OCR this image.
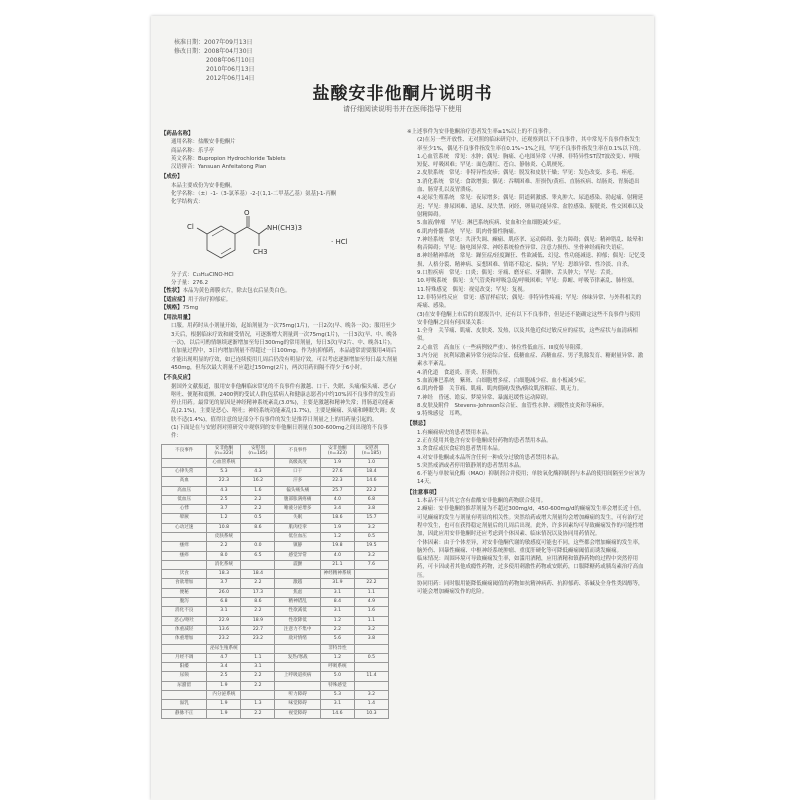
核准日期：2007年09月13日
修改日期：2008年04月30日
2008年06月10日
2010年06月13日
2012年06月14日
盐酸安非他酮片说明书
请仔细阅读说明书并在医师指导下使用
【药品名称】
通用名称：盐酸安非他酮片
商品名称：乐孚亭
英文名称：Bupropion Hydrochloride Tablets
汉语拼音：Yansuan Anfeitatong Pian
【成份】
本品主要成份为安非他酮。
化学名称：（±）-1-（3-氯苯基）-2-[（1,1-二甲基乙基）氨基]-1-丙酮
化学结构式：
Cl
O
NH(CH3)3
CH3
· HCl
分子式：C₁₃H₁₈ClNO·HCl
分子量：276.2
【性状】本品为黄色薄膜衣片，除去包衣后显类白色。
【适应症】用于治疗抑郁症。
【规格】75mg
【用法用量】
口服。用药时从小剂量开始，起始剂量为一次75mg(1片)，一日2次(早、晚各一次)；服用至少3天后，根据临床疗效和耐受情况，可逐渐增大剂量到一次75mg(1片)，一日3次(早、中、晚各一次)，以后可酌情继续逐渐增加至每日300mg的常用剂量，每日3次(早2片、中、晚各1片)。在加量过程中，3日内增加剂量不得超过一日100mg。作为抗抑郁药，本品通常需要服用4周后才能出现明显的疗效，如已连续使用几周后仍没有明显疗效，可以考虑逐渐增加至每日最大剂量450mg，但每次最大剂量不应超过150mg(2片)，两次用药间隔不得少于6小时。
【不良反应】
据国外文献报道，服用安非他酮临床常见的不良事件有激越、口干、失眠、头痛/偏头痛、恶心/呕吐、便秘和震颤。2400例的受试人群(包括病人和健康志愿者)中约10%因不良事件的发生而停止用药。最常见的原因是神经精神系统紊乱(3.0%)，主要是激越和精神失常；胃肠道功能紊乱(2.1%)，主要是恶心、呕吐；神经系统功能紊乱(1.7%)，主要是癫痫、头痛和睡眠失调；皮肤不适(1.4%)，值得注意的是部分不良事件的发生是推荐日剂量之上的用药量引起的。
(1)下面是在与安慰剂对照研究中观察到的安非他酮日剂量在300-600mg之间出现的不良事件：
不良事件	安非他酮(n=323)	安慰剂(n=185)	不良事件	安非他酮(n=323)	安慰剂(n=185)
	心血管系统		高级高度	1.9	1.0
心律失常	5.3	4.3	口干	27.6	18.4
高血	22.3	16.2	汗多	22.3	14.6
高血压	4.3	1.6	偏头痛头痛	25.7	22.2
低血压	2.5	2.2	腹部胀满疼痛	4.0	6.8
心悸	3.7	2.2	唾液分泌增多	3.4	3.8
晕厥	1.2	0.5	失眠	18.6	15.7
心动过速	10.8	8.6	肌肉痉挛	1.9	3.2
	皮肤系统		低位血压	1.2	0.5
瘙痒	2.2	0.0	镇静	19.8	19.5
瘙疹	8.0	6.5	感觉异常	4.0	3.2
	消化系统		震颤	21.1	7.6
厌食	18.3	18.4		神经精神系统	
食欲增加	3.7	2.2	激越	31.9	22.2
便秘	26.0	17.3	焦虑	3.1	1.1
腹泻	6.8	8.6	精神错乱	8.4	4.9
消化不良	3.1	2.2	性欲减低	3.1	1.6
恶心/呕吐	22.9	18.9	性欲降低	1.2	1.1
体重减轻	13.6	22.7	注意力不集中	2.2	3.2
体重增加	23.2	23.2	敌对情绪	5.6	3.8
	泌尿生殖系统			非特异性	
月经不调	4.7	1.1	发热/寒战	1.2	0.5
阳痿	3.4	3.1		呼吸系统	
尿频	2.5	2.2	上呼吸道疾病	5.0	11.4
尿潴留	1.9	2.2		特殊感觉	
	内分泌系统		听力障碍	5.3	3.2
溢乳	1.9	1.3	味觉障碍	3.1	1.4
静脉不正	1.9	2.2	视觉障碍	14.6	10.3
※上述事件为安非他酮治疗患者发生率≥1%以上的不良事件。
(2)在另一些开放性、无对照的临床研究中，还观察到以下不良事件，其中常见不良事件指发生率至少1%，偶见不良事件指发生率在0.1%~1%之间，罕见不良事件指发生率在0.1%以下的。
1.心血管系统　常见：水肿；偶见：胸痛、心电图异常（早搏、非特异性ST段T波改变）、呼吸短促、呼吸困难；罕见：面色潮红、苍白、静脉炎、心肌梗死。
2.皮肤系统　常见：非特异性皮疹；偶见：脱发和皮肤干燥；罕见：发色改变、多毛、痤疮。
3.消化系统　常见：食欲增强；偶见：吞咽困难、肝损伤/黄疸、直肠疾病、结肠炎、胃肠道出血、肠穿孔以及胃溃疡。
4.泌尿生殖系统　常见：夜尿增多；偶见：阴道刺激感、睾丸肿大、尿道感染、勃起痛、射精延迟；罕见：排尿困难、遗尿、尿失禁、闭经、卵巢功能异常、盆腔感染、膀胱炎、性交困难以及射精障碍。
5.血液/肿瘤　罕见：淋巴系统疾病、贫血和全血细胞减少症。
6.肌肉骨骼系统　罕见：肌肉骨骼性胸痛。
7.神经系统　常见：共济失调、癫痫、肌痉挛、运动障碍、张力障碍；偶见：精神错乱、眩晕和构音障碍；罕见：脑电图异常、神经系统检查异常、注意力损伤、坐骨神经痛和失语症。
8.神经精神系统　常见：躁狂症/轻度躁狂、性欲减低、幻觉、性功能减退、抑郁；偶见：记忆受损、人格分裂、精神病、妄想困难、情绪不稳定、偏执；罕见：思维异常、性冷淡、自杀。
9.口腔疾病　常见：口炎；偶见：牙痛、磨牙症、牙龈肿、舌头肿大；罕见：舌炎。
10.呼吸系统　偶见：支气管炎和呼吸急促/呼吸困难；罕见：鼻衄、呼吸节律紊乱、肺栓塞。
11.特殊感觉　偶见：视觉改变；罕见：复视。
12.非特异性反应　常见：感冒样症状；偶见：非特异性疼痛；罕见：体味异常、与外科相关的疼痛、感染。
(3)在安非他酮上市后的自愿报告中，还有以下不良事件，但是还不能确定这些不良事件与使用安非他酮之间有何因果关系：
1.全身　关节痛、肌痛、皮肤炎、发热，以及其他近似过敏反应的症状，这些症状与血清病相似。
2.心血管　高血压（一些病例较严重）、体位性低血压、III度传导阻滞。
3.内分泌　抗利尿激素异常分泌综合征、低糖血症、高糖血症、男子乳腺发育、糖耐量异常、激素水平紊乱。
4.消化道　食道炎、肝炎、肝损伤。
5.血液淋巴系统　紫斑、白细胞增多症、白细胞减少症、血小板减少症。
6.肌肉骨骼　关节痛、肌痛、肌肉僵硬/发热/横纹肌溶解症、肌无力。
7.神经　昏迷、谵妄、梦境异常、暴露迟缓性运动障碍。
8.皮肤及附件　Stevens-Johnson综合征、血管性水肿、剥脱性皮炎和荨麻疹。
9.特殊感觉　耳鸣。
【禁忌】
1.有癫痫病史的患者禁用本品。
2.正在使用其他含有安非他酮成份药物的患者禁用本品。
3.贪食症或厌食症的患者禁用本品。
4.对安非他酮或本品所含任何一种成分过敏的患者禁用本品。
5.突然戒酒或者停用镇静剂的患者禁用本品。
6.不能与单胺氧化酶（MAO）抑制剂合并使用；单胺氧化酶抑制剂与本品的使用间隔至少应该为14天。
【注意事项】
1.本品不可与其它含有盐酸安非他酮的药物联合使用。
2.癫痫：安非他酮的推荐剂量为不超过300mg/d，450-600mg/d的癫痫发生率会增长近十倍，可见癫痫的发生与剂量有明显的相关性。突然给药或增大剂量均会增加癫痫的发生，可有治疗过程中发生，也可在获得稳定剂量后的几周后出现。此外，许多因素均可导致癫痫发作的可能性增加，因此应用安非他酮时还应考虑到个体因素、临床情况以及协同用药情况。
个体因素：由于个体差异，对安非他酮代谢的敏感度可能也不同，这些都会增加癫痫的发生率，脑外伤、回暴性癫痫、中枢神经系统肿瘤、重度肝硬化等可降低癫痫阈值而诱发癫痫。
临床情况：周围环境可导致癫痫发生率，如滥用酒精，应用酒精和镇静药物的过程中突然停用药，可卡因或者其他成瘾性药物，过多使用刺激性药物或安眠药，口服降糖药或胰岛素治疗高血压。
协同用药：同时服用能降低癫痫阈值的药物如抗精神病药、抗抑郁药、茶碱及全身性类固醇等，可能会增加癫痫发作的危险。
